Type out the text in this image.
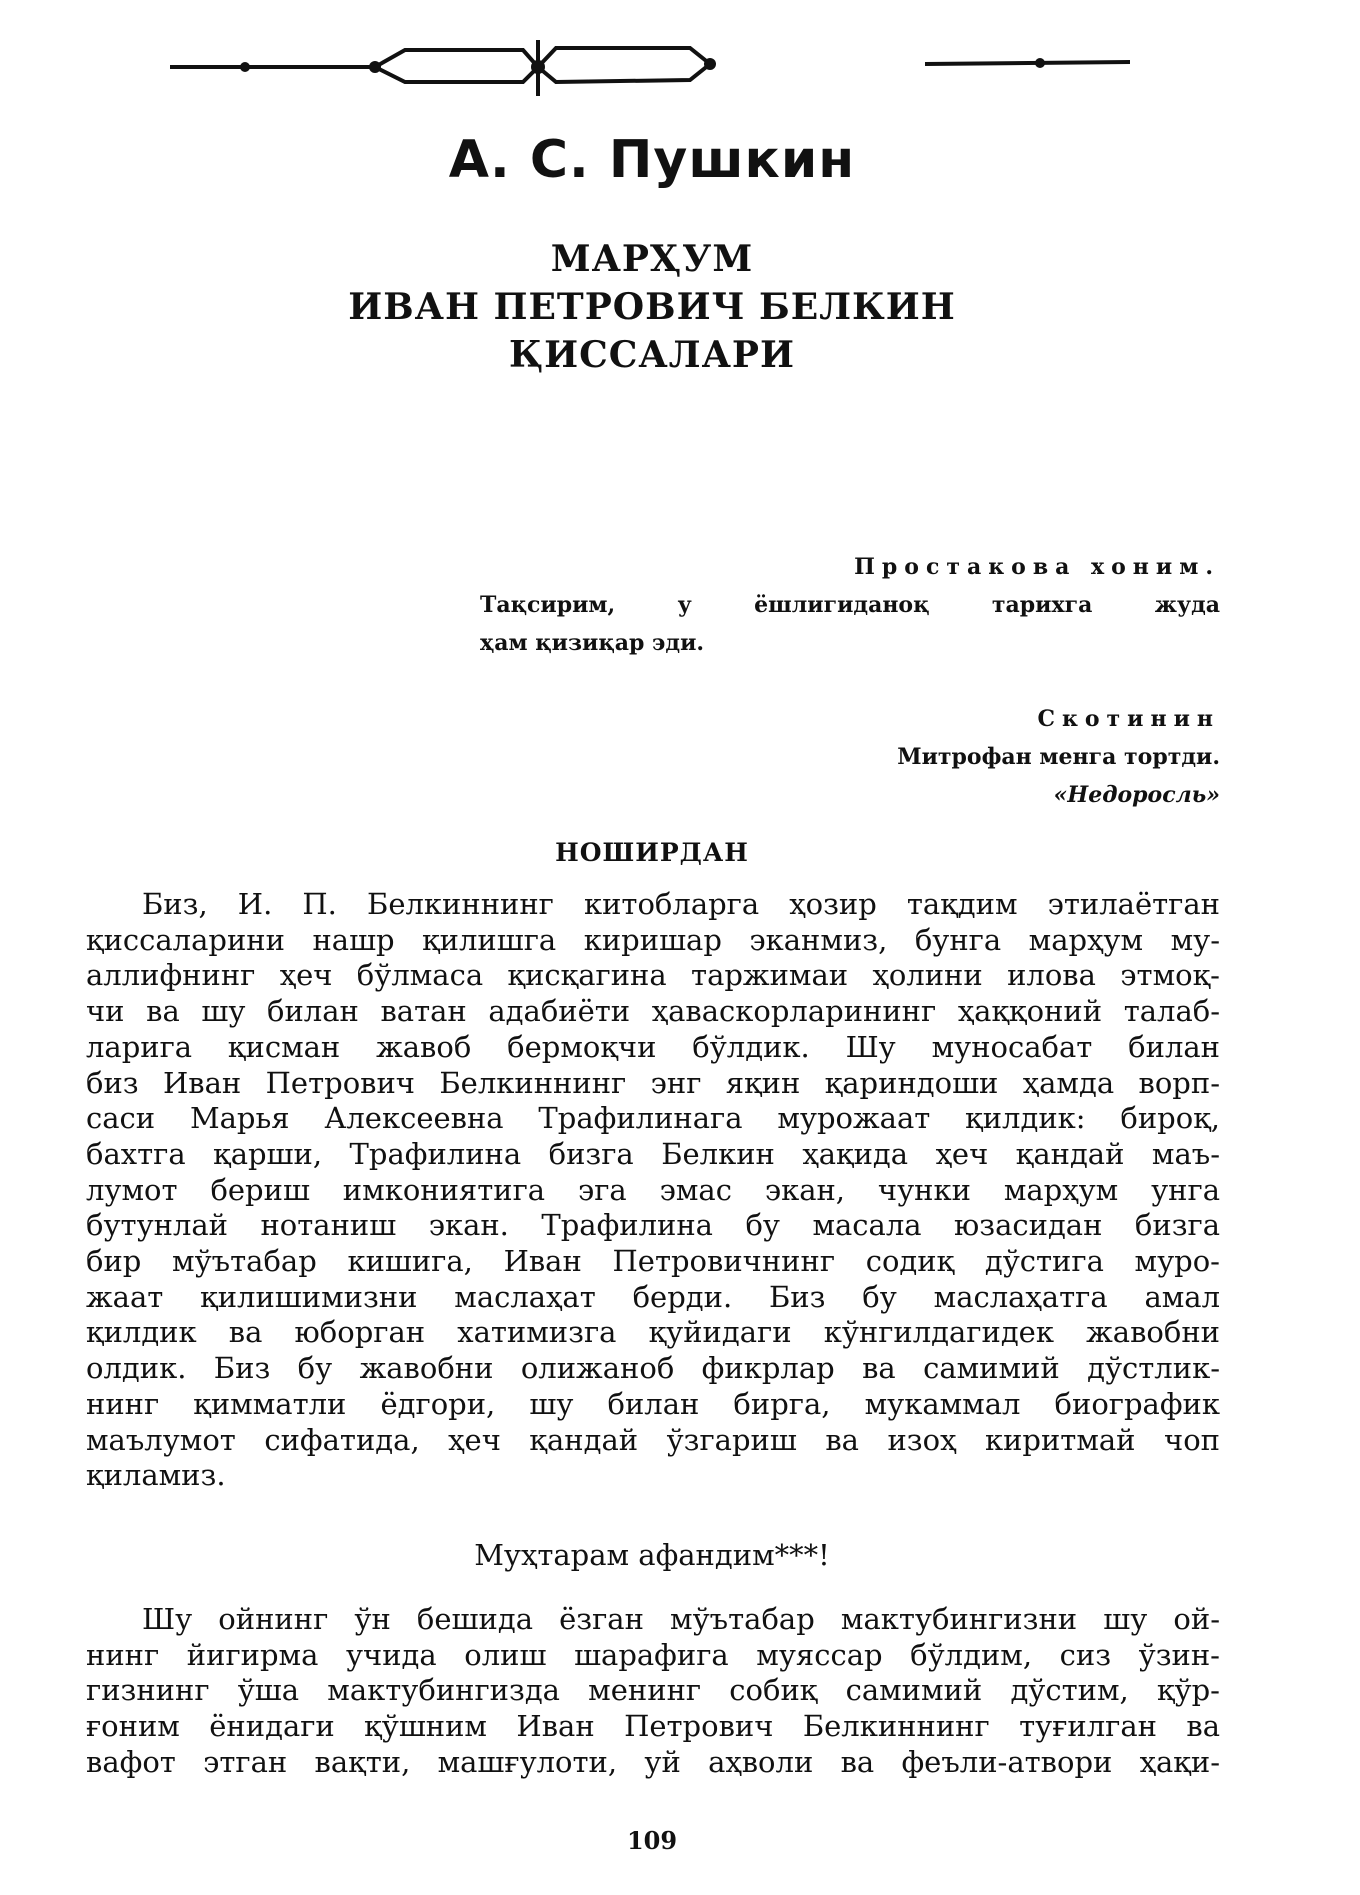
А. С. Пушкин
МАРҲУМ
ИВАН ПЕТРОВИЧ БЕЛКИН
ҚИССАЛАРИ
Простакова хоним.
Тақсирим, у ёшлигиданоқ тарихга жуда
ҳам қизиқар эди.
Скотинин
Митрофан менга тортди.
«Недоросль»
НОШИРДАН
Биз, И. П. Белкиннинг китобларга ҳозир тақдим этилаётган
қиссаларини нашр қилишга киришар эканмиз, бунга марҳум му-
аллифнинг ҳеч бўлмаса қисқагина таржимаи ҳолини илова этмоқ-
чи ва шу билан ватан адабиёти ҳаваскорларининг ҳаққоний талаб-
ларига қисман жавоб бермоқчи бўлдик. Шу муносабат билан
биз Иван Петрович Белкиннинг энг яқин қариндоши ҳамда ворп-
саси Марья Алексеевна Трафилинага мурожаат қилдик: бироқ,
бахтга қарши, Трафилина бизга Белкин ҳақида ҳеч қандай маъ-
лумот бериш имкониятига эга эмас экан, чунки марҳум унга
бутунлай нотаниш экан. Трафилина бу масала юзасидан бизга
бир мўътабар кишига, Иван Петровичнинг содиқ дўстига муро-
жаат қилишимизни маслаҳат берди. Биз бу маслаҳатга амал
қилдик ва юборган хатимизга қуйидаги кўнгилдагидек жавобни
олдик. Биз бу жавобни олижаноб фикрлар ва самимий дўстлик-
нинг қимматли ёдгори, шу билан бирга, мукаммал биографик
маълумот сифатида, ҳеч қандай ўзгариш ва изоҳ киритмай чоп
қиламиз.
Муҳтарам афандим***!
Шу ойнинг ўн бешида ёзган мўътабар мактубингизни шу ой-
нинг йигирма учида олиш шарафига муяссар бўлдим, сиз ўзин-
гизнинг ўша мактубингизда менинг собиқ самимий дўстим, қўр-
ғоним ёнидаги қўшним Иван Петрович Белкиннинг туғилган ва
вафот этган вақти, машғулоти, уй аҳволи ва феъли-атвори ҳақи-
109
